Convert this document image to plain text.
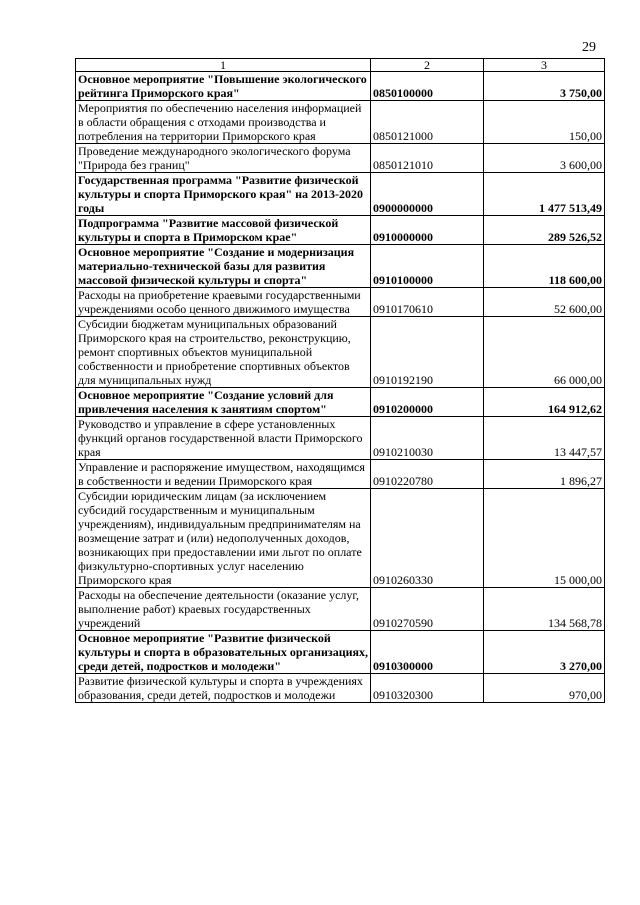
29
1	2	3
Основное мероприятие "Повышение экологического рейтинга Приморского края"	0850100000	3 750,00
Мероприятия по обеспечению населения информацией в области обращения с отходами производства и потребления на территории Приморского края	0850121000	150,00
Проведение международного экологического форума "Природа без границ"	0850121010	3 600,00
Государственная программа "Развитие физической культуры и спорта Приморского края" на 2013-2020 годы	0900000000	1 477 513,49
Подпрограмма "Развитие массовой физической культуры и спорта в Приморском крае"	0910000000	289 526,52
Основное мероприятие "Создание и модернизация материально-технической базы для развития массовой физической культуры и спорта"	0910100000	118 600,00
Расходы на приобретение краевыми государственными учреждениями особо ценного движимого имущества	0910170610	52 600,00
Субсидии бюджетам муниципальных образований Приморского края на строительство, реконструкцию, ремонт спортивных объектов муниципальной собственности и приобретение спортивных объектов для муниципальных нужд	0910192190	66 000,00
Основное мероприятие "Создание условий для привлечения населения к занятиям спортом"	0910200000	164 912,62
Руководство и управление в сфере установленных функций органов государственной власти Приморского края	0910210030	13 447,57
Управление и распоряжение имуществом, находящимся в собственности и ведении Приморского края	0910220780	1 896,27
Субсидии юридическим лицам (за исключением субсидий государственным и муниципальным учреждениям), индивидуальным предпринимателям на возмещение затрат и (или) недополученных доходов, возникающих при предоставлении ими льгот по оплате физкультурно-спортивных услуг населению Приморского края	0910260330	15 000,00
Расходы на обеспечение деятельности (оказание услуг, выполнение работ) краевых государственных учреждений	0910270590	134 568,78
Основное мероприятие "Развитие физической культуры и спорта в образовательных организациях, среди детей, подростков и молодежи"	0910300000	3 270,00
Развитие физической культуры и спорта в учреждениях образования, среди детей, подростков и молодежи	0910320300	970,00
